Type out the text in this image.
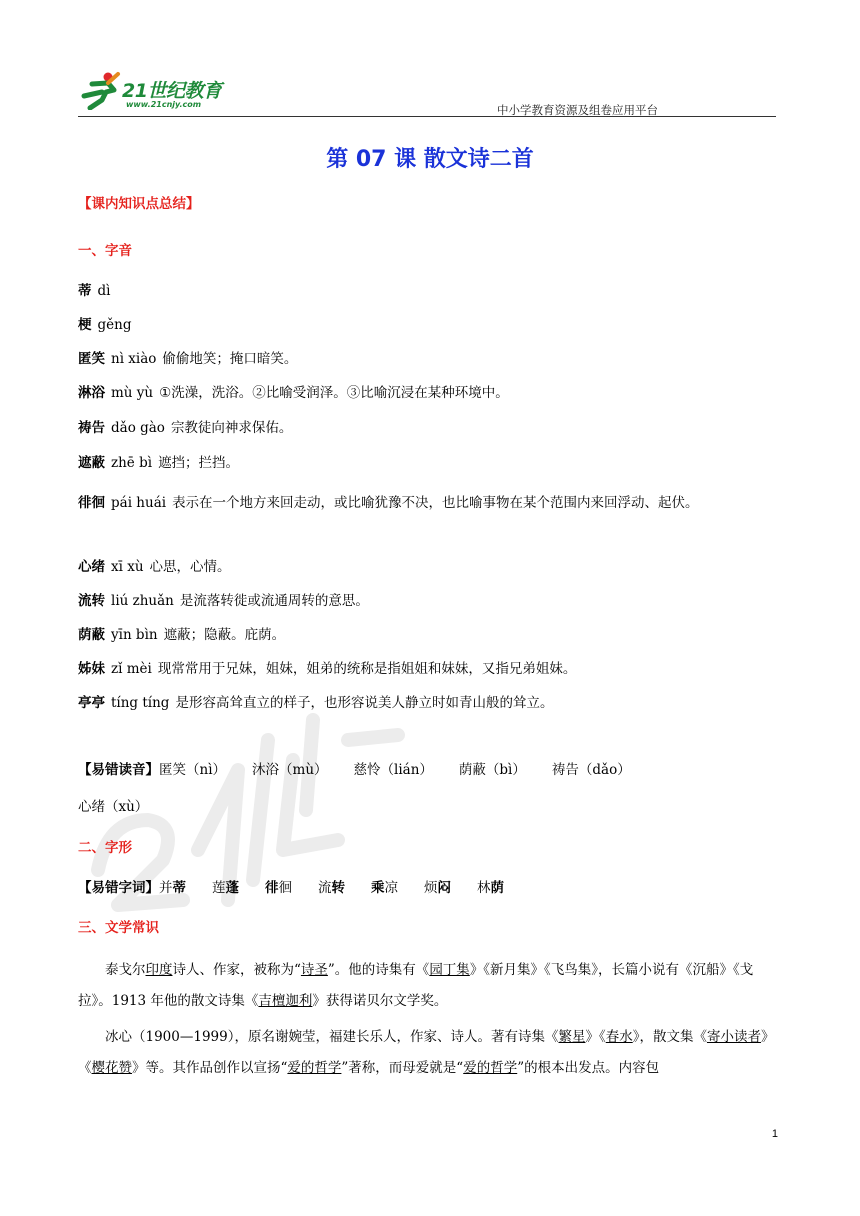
21世纪教育
www.21cnjy.com	中小学教育资源及组卷应用平台
第 07 课 散文诗二首
【课内知识点总结】
一、字音
蒂 dì
梗 gěng
匿笑 nì xiào 偷偷地笑；掩口暗笑。
淋浴 mù yù ①洗澡，洗浴。②比喻受润泽。③比喻沉浸在某种环境中。
祷告 dǎo gào 宗教徒向神求保佑。
遮蔽 zhē bì 遮挡；拦挡。
徘徊 pái huái 表示在一个地方来回走动，或比喻犹豫不决，也比喻事物在某个范围内来回浮动、起伏。
心绪 xī xù 心思，心情。
流转 liú zhuǎn 是流落转徙或流通周转的意思。
荫蔽 yīn bìn 遮蔽；隐蔽。庇荫。
姊妹 zǐ mèi 现常常用于兄妹，姐妹，姐弟的统称是指姐姐和妹妹，又指兄弟姐妹。
亭亭 tíng tíng 是形容高耸直立的样子，也形容说美人静立时如青山般的耸立。
【易错读音】匿笑（nì） 沐浴（mù） 慈怜（lián） 荫蔽（bì） 祷告（dǎo）
心绪（xù）
二、字形
【易错字词】并蒂 莲蓬 徘徊 流转 乘凉 烦闷 林荫
三、文学常识
泰戈尔印度诗人、作家，被称为“诗圣”。他的诗集有《园丁集》《新月集》《飞鸟集》，长篇小说有《沉船》《戈拉》。1913 年他的散文诗集《吉檀迦利》获得诺贝尔文学奖。
冰心（1900—1999），原名谢婉莹，福建长乐人，作家、诗人。著有诗集《繁星》《春水》，散文集《寄小读者》《樱花赞》等。其作品创作以宣扬“爱的哲学”著称，而母爱就是“爱的哲学”的根本出发点。内容包
1
